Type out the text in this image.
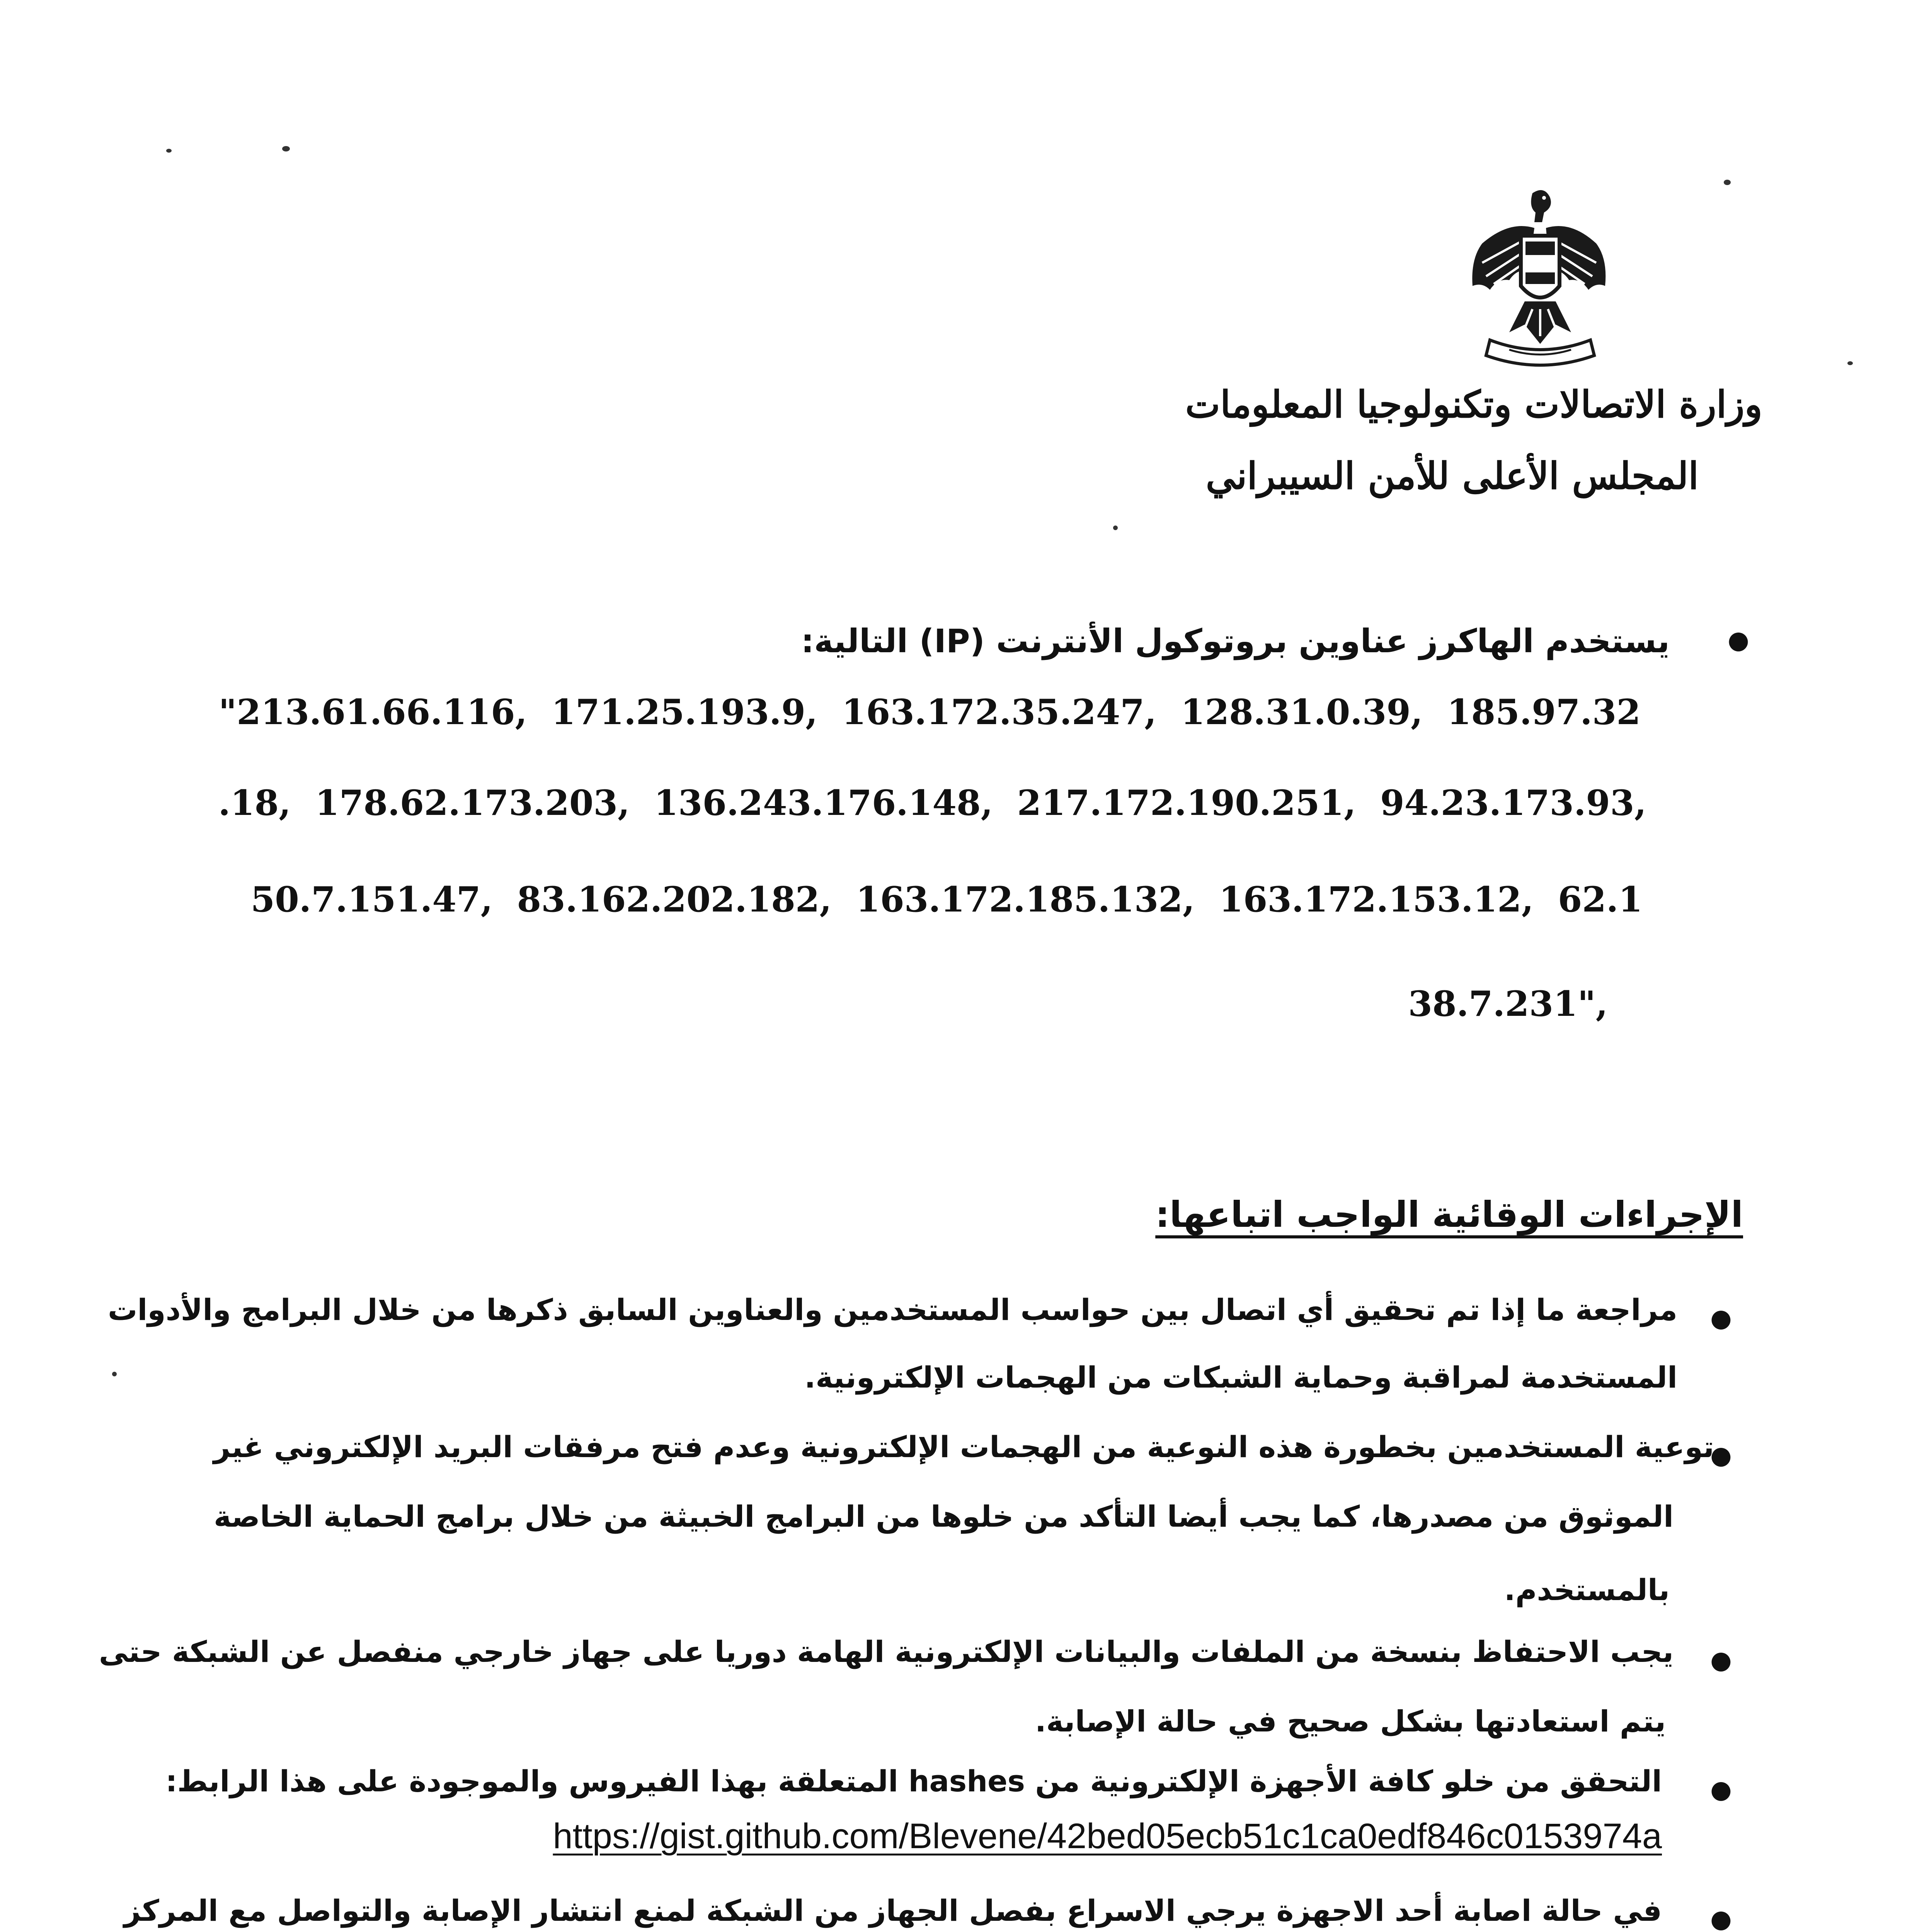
وزارة الاتصالات وتكنولوجيا المعلومات
المجلس الأعلى للأمن السيبراني
●
يستخدم الهاكرز عناوين بروتوكول الأنترنت (IP) التالية:
"213.61.66.116,  171.25.193.9,  163.172.35.247,  128.31.0.39,  185.97.32
.18,  178.62.173.203,  136.243.176.148,  217.172.190.251,  94.23.173.93,
50.7.151.47,  83.162.202.182,  163.172.185.132,  163.172.153.12,  62.1
38.7.231",
الإجراءات الوقائية الواجب اتباعها:
●
مراجعة ما إذا تم تحقيق أي اتصال بين حواسب المستخدمين والعناوين السابق ذكرها من خلال البرامج والأدوات
المستخدمة لمراقبة وحماية الشبكات من الهجمات الإلكترونية.
●
توعية المستخدمين بخطورة هذه النوعية من الهجمات الإلكترونية وعدم فتح مرفقات البريد الإلكتروني غير
الموثوق من مصدرها، كما يجب أيضا التأكد من خلوها من البرامج الخبيثة من خلال برامج الحماية الخاصة
بالمستخدم.
●
يجب الاحتفاظ بنسخة من الملفات والبيانات الإلكترونية الهامة دوريا على جهاز خارجي منفصل عن الشبكة حتى
يتم استعادتها بشكل صحيح في حالة الإصابة.
●
التحقق من خلو كافة الأجهزة الإلكترونية من hashes المتعلقة بهذا الفيروس والموجودة على هذا الرابط:
https://gist.github.com/Blevene/42bed05ecb51c1ca0edf846c0153974a
●
في حالة اصابة أحد الاجهزة يرجي الاسراع بفصل الجهاز من الشبكة لمنع انتشار الإصابة والتواصل مع المركز
